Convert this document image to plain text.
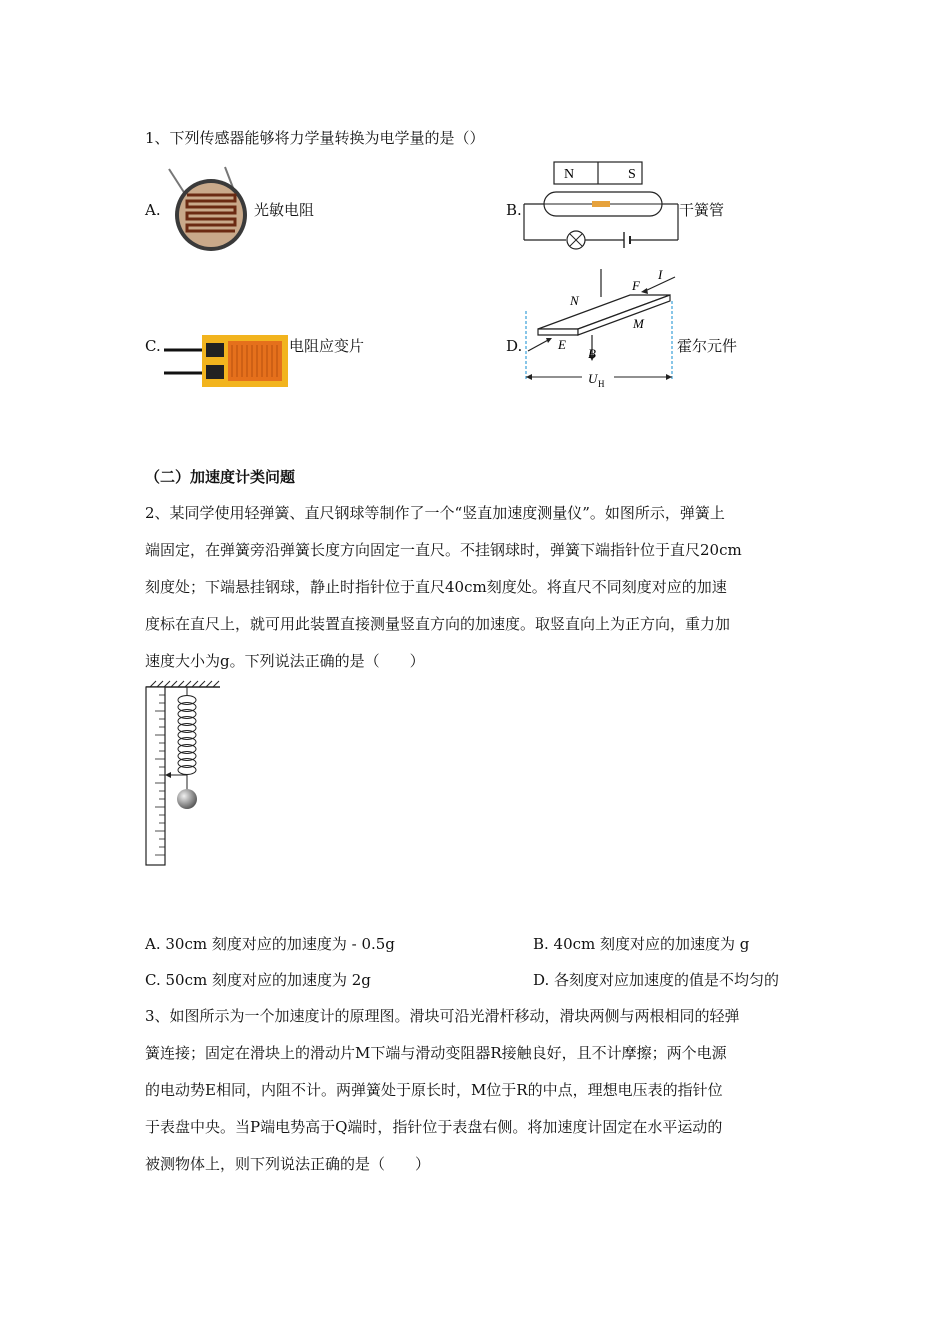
1、下列传感器能够将力学量转换为电学量的是（）
A.	光敏电阻	B.
N	S
干簧管
C.	电阻应变片	D.
N
F
I
M
E
B
U H
霍尔元件
（二）加速度计类问题
2、某同学使用轻弹簧、直尺钢球等制作了一个“竖直加速度测量仪”。如图所示，弹簧上
端固定，在弹簧旁沿弹簧长度方向固定一直尺。不挂钢球时，弹簧下端指针位于直尺20cm
刻度处；下端悬挂钢球，静止时指针位于直尺40cm刻度处。将直尺不同刻度对应的加速
度标在直尺上，就可用此装置直接测量竖直方向的加速度。取竖直向上为正方向，重力加
速度大小为g。下列说法正确的是（　　）
A. 30cm 刻度对应的加速度为 - 0.5g	B. 40cm 刻度对应的加速度为 g
C. 50cm 刻度对应的加速度为 2g	D. 各刻度对应加速度的值是不均匀的
3、如图所示为一个加速度计的原理图。滑块可沿光滑杆移动，滑块两侧与两根相同的轻弹
簧连接；固定在滑块上的滑动片M下端与滑动变阻器R接触良好，且不计摩擦；两个电源
的电动势E相同，内阻不计。两弹簧处于原长时，M位于R的中点，理想电压表的指针位
于表盘中央。当P端电势高于Q端时，指针位于表盘右侧。将加速度计固定在水平运动的
被测物体上，则下列说法正确的是（　　）
